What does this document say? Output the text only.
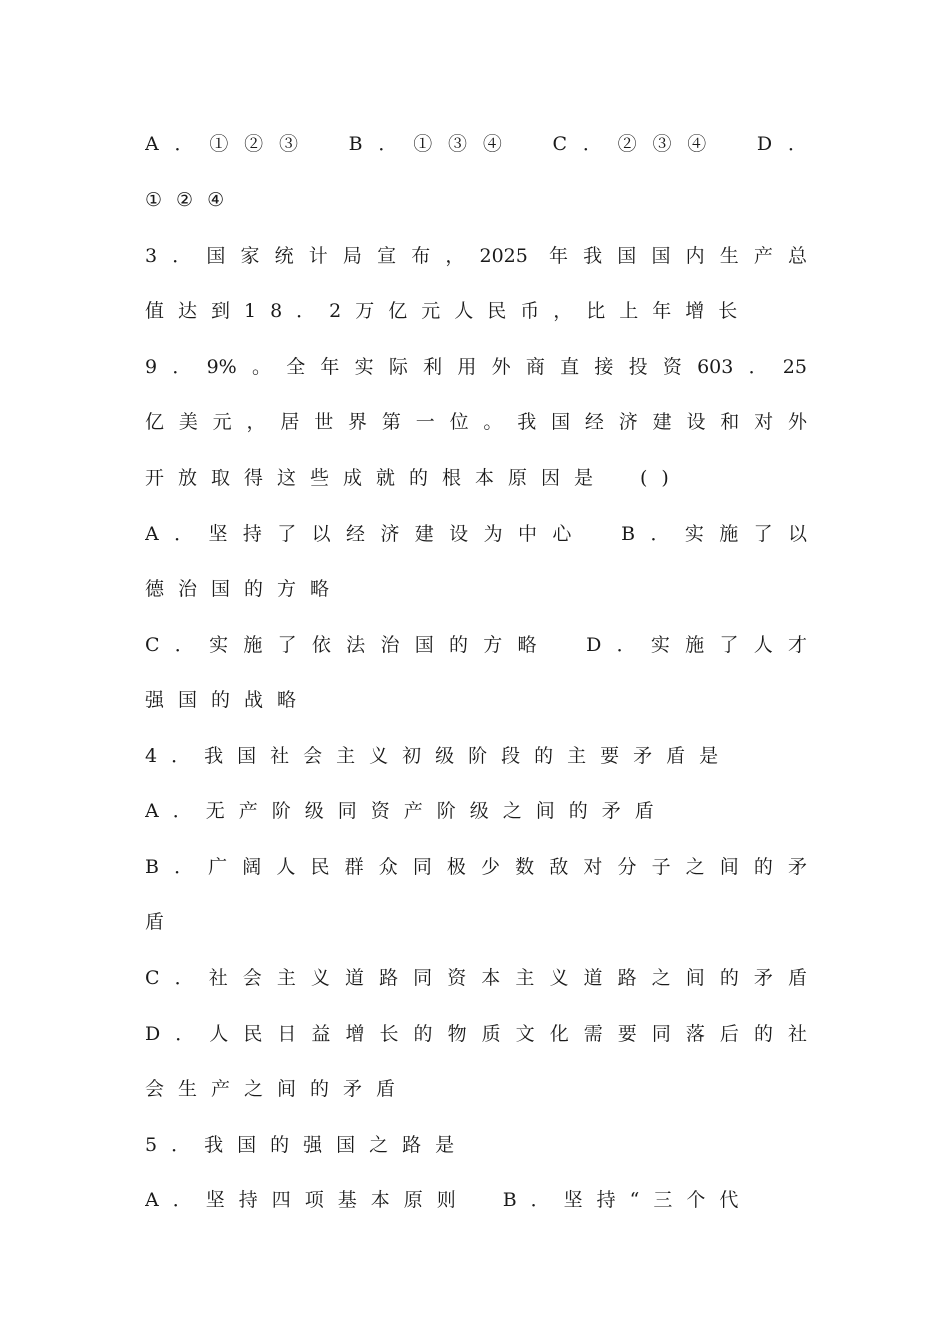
A．①②③　B．①③④　C．②③④　D．
①②④
3．国家统计局宣布，2025 年我国国内生产总
值达到18．2万亿元人民币，比上年增长
9．9%。全年实际利用外商直接投资603．25
亿美元，居世界第一位。我国经济建设和对外
开放取得这些成就的根本原因是　()
A．坚持了以经济建设为中心　B．实施了以
德治国的方略
C．实施了依法治国的方略　D．实施了人才
强国的战略
4．我国社会主义初级阶段的主要矛盾是
A．无产阶级同资产阶级之间的矛盾
B．广阔人民群众同极少数敌对分子之间的矛
盾
C．社会主义道路同资本主义道路之间的矛盾
D．人民日益增长的物质文化需要同落后的社
会生产之间的矛盾
5．我国的强国之路是
A．坚持四项基本原则　B．坚持“三个代
